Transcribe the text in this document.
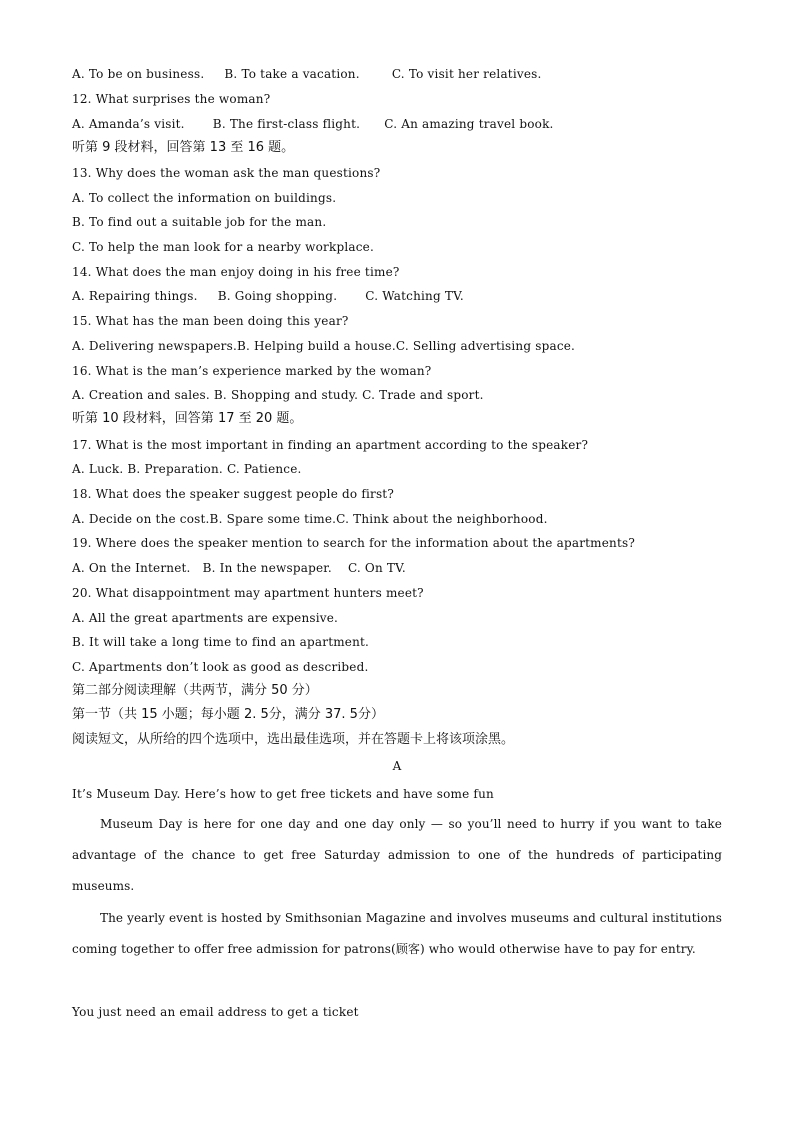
A. To be on business.     B. To take a vacation.        C. To visit her relatives.
12. What surprises the woman?
A. Amanda’s visit.       B. The first-class flight.      C. An amazing travel book.
听第 9 段材料，回答第 13 至 16 题。
13. Why does the woman ask the man questions?
A. To collect the information on buildings.
B. To find out a suitable job for the man.
C. To help the man look for a nearby workplace.
14. What does the man enjoy doing in his free time?
A. Repairing things.     B. Going shopping.       C. Watching TV.
15. What has the man been doing this year?
A. Delivering newspapers.B. Helping build a house.C. Selling advertising space.
16. What is the man’s experience marked by the woman?
A. Creation and sales. B. Shopping and study. C. Trade and sport.
听第 10 段材料，回答第 17 至 20 题。
17. What is the most important in finding an apartment according to the speaker?
A. Luck. B. Preparation. C. Patience.
18. What does the speaker suggest people do first?
A. Decide on the cost.B. Spare some time.C. Think about the neighborhood.
19. Where does the speaker mention to search for the information about the apartments?
A. On the Internet.   B. In the newspaper.    C. On TV.
20. What disappointment may apartment hunters meet?
A. All the great apartments are expensive.
B. It will take a long time to find an apartment.
C. Apartments don’t look as good as described.
第二部分阅读理解（共两节，满分 50 分）
第一节（共 15 小题；每小题 2. 5分，满分 37. 5分）
阅读短文，从所给的四个选项中，选出最佳选项，并在答题卡上将该项涂黑。
A
It’s Museum Day. Here’s how to get free tickets and have some fun
Museum Day is here for one day and one day only — so you’ll need to hurry if you want to take advantage of the chance to get free Saturday admission to one of the hundreds of participating museums.
The yearly event is hosted by Smithsonian Magazine and involves museums and cultural institutions coming together to offer free admission for patrons(顾客) who would otherwise have to pay for entry.
You just need an email address to get a ticket
